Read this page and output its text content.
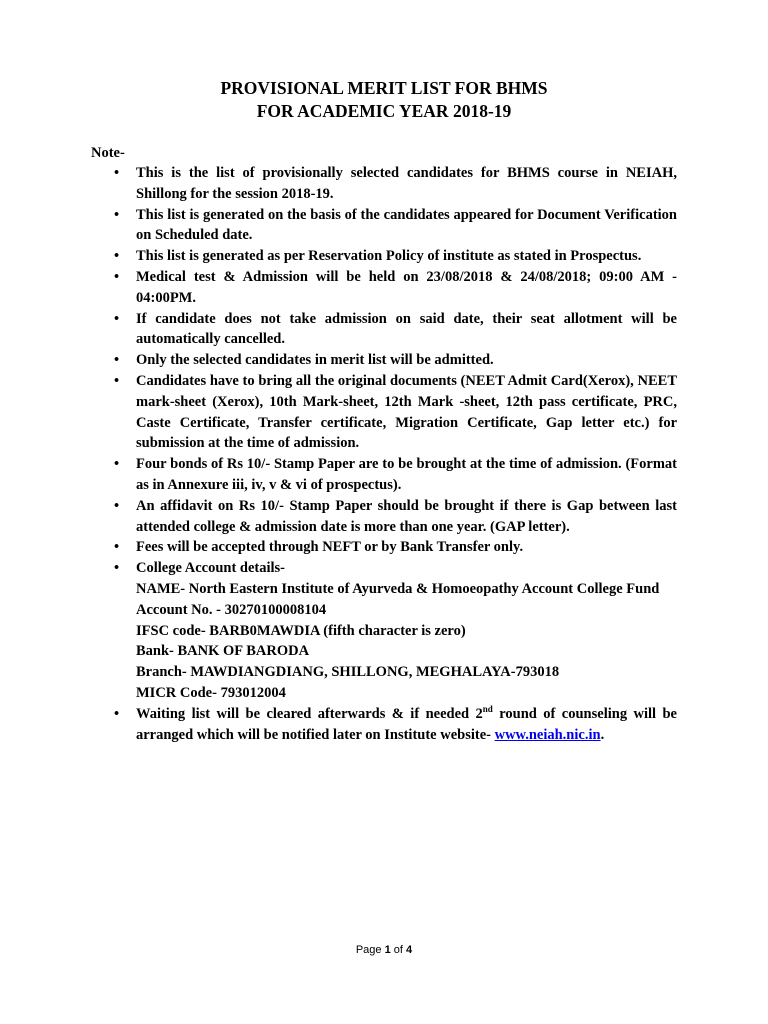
PROVISIONAL MERIT LIST FOR BHMS
FOR ACADEMIC YEAR 2018-19
Note-
• This is the list of provisionally selected candidates for BHMS course in NEIAH, Shillong for the session 2018-19.
• This list is generated on the basis of the candidates appeared for Document Verification on Scheduled date.
• This list is generated as per Reservation Policy of institute as stated in Prospectus.
• Medical test & Admission will be held on 23/08/2018 & 24/08/2018; 09:00 AM - 04:00PM.
• If candidate does not take admission on said date, their seat allotment will be automatically cancelled.
• Only the selected candidates in merit list will be admitted.
• Candidates have to bring all the original documents (NEET Admit Card(Xerox), NEET mark-sheet (Xerox), 10th Mark-sheet, 12th Mark -sheet, 12th pass certificate, PRC, Caste Certificate, Transfer certificate, Migration Certificate, Gap letter etc.) for submission at the time of admission.
• Four bonds of Rs 10/- Stamp Paper are to be brought at the time of admission. (Format as in Annexure iii, iv, v & vi of prospectus).
• An affidavit on Rs 10/- Stamp Paper should be brought if there is Gap between last attended college & admission date is more than one year. (GAP letter).
• Fees will be accepted through NEFT or by Bank Transfer only.
• College Account details-
NAME- North Eastern Institute of Ayurveda & Homoeopathy Account College Fund
Account No. - 30270100008104
IFSC code- BARB0MAWDIA (fifth character is zero)
Bank- BANK OF BARODA
Branch- MAWDIANGDIANG, SHILLONG, MEGHALAYA-793018
MICR Code- 793012004
• Waiting list will be cleared afterwards & if needed 2nd round of counseling will be arranged which will be notified later on Institute website- www.neiah.nic.in.
Page 1 of 4
